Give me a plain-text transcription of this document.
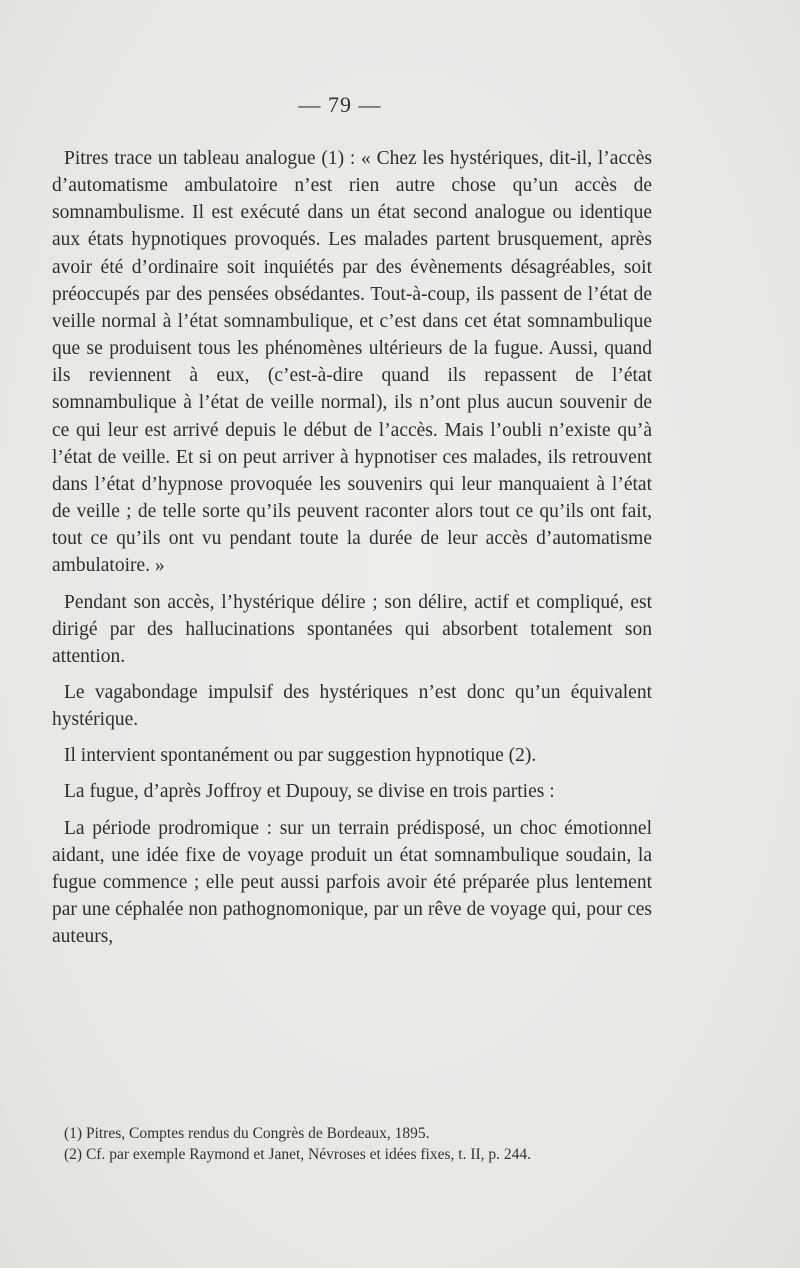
— 79 —

Pitres trace un tableau analogue (1) : « Chez les hystériques, dit-il, l’accès d’automatisme ambulatoire n’est rien autre chose qu’un accès de somnambulisme. Il est exécuté dans un état second analogue ou identique aux états hypnotiques provoqués. Les malades partent brusquement, après avoir été d’ordinaire soit inquiétés par des évènements désagréables, soit préoccupés par des pensées obsédantes. Tout-à-coup, ils passent de l’état de veille normal à l’état somnambulique, et c’est dans cet état somnambulique que se produisent tous les phénomènes ultérieurs de la fugue. Aussi, quand ils reviennent à eux, (c’est-à-dire quand ils repassent de l’état somnambulique à l’état de veille normal), ils n’ont plus aucun souvenir de ce qui leur est arrivé depuis le début de l’accès. Mais l’oubli n’existe qu’à l’état de veille. Et si on peut arriver à hypnotiser ces malades, ils retrouvent dans l’état d’hypnose provoquée les souvenirs qui leur manquaient à l’état de veille ; de telle sorte qu’ils peuvent raconter alors tout ce qu’ils ont fait, tout ce qu’ils ont vu pendant toute la durée de leur accès d’automatisme ambulatoire. »

Pendant son accès, l’hystérique délire ; son délire, actif et compliqué, est dirigé par des hallucinations spontanées qui absorbent totalement son attention.

Le vagabondage impulsif des hystériques n’est donc qu’un équivalent hystérique.

Il intervient spontanément ou par suggestion hypnotique (2).

La fugue, d’après Joffroy et Dupouy, se divise en trois parties :

La période prodromique : sur un terrain prédisposé, un choc émotionnel aidant, une idée fixe de voyage produit un état somnambulique soudain, la fugue commence ; elle peut aussi parfois avoir été préparée plus lentement par une céphalée non pathognomonique, par un rêve de voyage qui, pour ces auteurs,

(1) Pitres, Comptes rendus du Congrès de Bordeaux, 1895.

(2) Cf. par exemple Raymond et Janet, Névroses et idées fixes, t. II, p. 244.
